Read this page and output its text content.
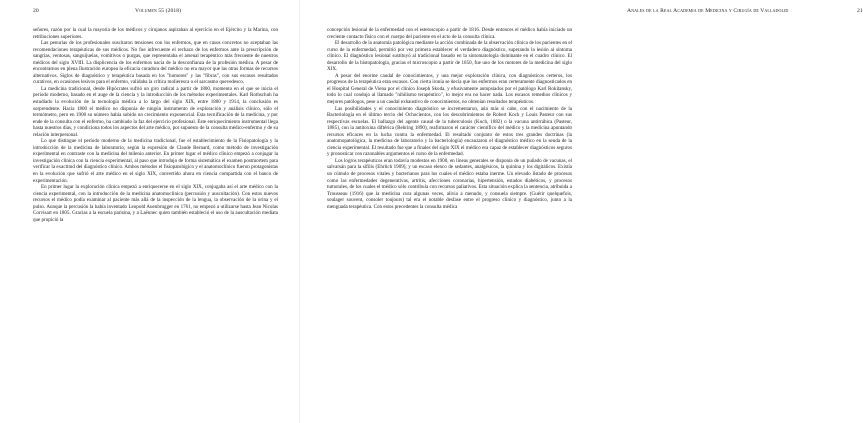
20	Volumen 55 (2018)

señores, razón por la cual la mayoría de los médicos y cirujanos aspiraban al ejercicio en el Ejército y la Marina, con retribuciones superiores.

Las penurias de los profesionales suscitaron tensiones con los enfermos, que en casos concretos no aceptaban las recomendaciones terapéuticas de sus médicos. No fue infrecuente el rechazo de los enfermos ante la prescripción de sangrías, ventosas, sanguijuelas, vomitivos o purgas, que representaba el arsenal terapéutico más frecuente de nuestros médicos del siglo XVIII. La displicencia de los enfermos nacía de la desconfianza de la profesión médica. A pesar de encontrarnos en plena Ilustración europea la eficacia curadora del médico no era mayor que las otras formas de recursos alternativos. Siglos de diagnóstico y terapéutica basada en los "humores" y las "fibras", con sus escasos resultados curativos, en ocasiones lesivos para el enfermo, validaba la crítica molieresca o el sarcasmo quevedesco.

La medicina tradicional, desde Hipócrates sufrió un giro radical a partir de 1800, momento en el que se inicia el período moderno, basado en el auge de la ciencia y la introducción de los métodos experimentales. Karl Rothschuh ha estudiado la evolución de la tecnología médica a lo largo del siglo XIX, entre 1800 y 1914, la conclusión es sorprendente. Hacia 1800 el médico no disponía de ningún instrumento de exploración y análisis clínico, sólo el termómetro, pero en 1900 su número había subido un crecimiento exponencial. Esta tecnificación de la medicina, y por ende de la consulta con el enfermo, ha cambiado la faz del ejercicio profesional. Este enriquecimiento instrumental llega hasta nuestros días, y condiciona todos los aspectos del arte médico, por supuesto de la consulta médico-enfermo y de su relación interpersonal.

Lo que distingue el período moderno de la medicina tradicional, fue el establecimiento de la Fisiopatología y la introducción de la medicina de laboratorio, según la expresión de Claude Bernard, como método de investigación experimental en contraste con la medicina del milenio anterior. En primer lugar el médico clínico empezó a conjugar la investigación clínica con la ciencia experimental, al paso que introdujo de forma sistemática el examen postmortem para verificar la exactitud del diagnóstico clínico. Ambos métodos el fisiopatológico y el anatomoclínico fueron protagonistas en la evolución que sufrió el arte médico en el siglo XIX, convertido ahora en ciencia compartida con el banco de experimentación.

En primer lugar la exploración clínica empezó a enriquecerse en el siglo XIX, conjugaba así el arte médico con la ciencia experimental, con la introducción de la medicina anatomoclínica (percusión y auscultación). Con estos nuevos recursos el médico podía examinar al paciente más allá de la inspección de la lengua, la observación de la orina y el pulso. Aunque la percusión la había inventado Leopold Auenbrugger en 1761, no empezó a utilizarse hasta Jean Nicolas Corvisart en 1805. Gracias a la escuela parisina, y a Laënnec quien también estableció el uso de la auscultación mediata que propició la

Anales de la Real Academia de Medicina y Cirugía de Valladolid	21

concepción lesional de la enfermedad con el estetoscopio a partir de 1816. Desde entonces el médico había iniciado un creciente contacto físico con el cuerpo del paciente en el acto de la consulta clínica.

El desarrollo de la anatomía patológica mediante la acción combinada de la observación clínica de los pacientes en el curso de la enfermedad, permitió por vez primera establecer el verdadero diagnóstico, superando la lesión al síntoma clínico. El diagnóstico lesional sustituyó al tradicional basado en la sintomatología dominante en el cuadro clínico. El desarrollo de la histopatología, gracias el microscopio a partir de 1850, fue uno de los motores de la medicina del siglo XIX.

A pesar del enorme caudal de conocimientos, y una mejor exploración clínica, con diagnósticos certeros, los progresos de la terapéutica eran escasos. Con cierta ironía se decía que los enfermos eran certeramente diagnosticados en el Hospital General de Viena por el clínico Joseph Skoda, y efusivamente autopsiados por el patólogo Karl Rokitansky, todo lo cual condujo al llamado "nihilismo terapéutico", lo mejor era no hacer nada. Los escasos remedios clínicos y mejores patólogos, pese a un caudal exhaustivo de conocimientos, no obtenían resultados terapéuticos.

Las posibilidades y el conocimiento diagnóstico se incrementaron, aún más si cabe, con el nacimiento de la Bacteriología en el último tercio del Ochocientos, con los descubrimientos de Robert Koch y Louis Pasteur con sus respectivas escuelas. El hallazgo del agente causal de la tuberculosis (Koch, 1882) o la vacuna antirrábica (Pasteur, 1885), con la antitoxina diftérica (Behring 1890), reafirmaron el carácter científico del médico y la medicina apuntando recursos eficaces en la lucha contra la enfermedad. El resultado conjunto de estos tres grandes doctrinas (la anatomopatológica, la medicina de laboratorio y la bacteriología) encauzaron el diagnóstico médico en la senda de la ciencia experimental. El resultado fue que a finales del siglo XIX el médico era capaz de establecer diagnósticos seguros y pronosticar con razonables argumentos el curso de la enfermedad.

Los logros terapéuticos eran todavía modestos en 1900, en líneas generales se disponía de un puñado de vacunas, el salvarsán para la sífilis (Ehrlich 1909), y un escaso elenco de sedantes, analgésicos, la quinina y los digitálicos. Existía un cúmulo de procesos vitales y bacterianos para los cuales el médico estaba inerme. Un elevado listado de procesos como las enfermedades degenerativas, artritis, afecciones coronarias, hipertensión, estados diabéticos, y procesos tumorales, de los cuales el médico sólo contribuía con recursos paliativos. Esta situación explica la sentencia, atribuida a Trousseau (1916) que la medicina cura algunas veces, alivia a menudo, y consuela siempre. (Guérir quelquefois, soulager souvent, consoler toujours) tal era el notable desfase entre el progreso clínico y diagnóstico, junto a la menguada terapéutica. Con estos precedentes la consulta médica
